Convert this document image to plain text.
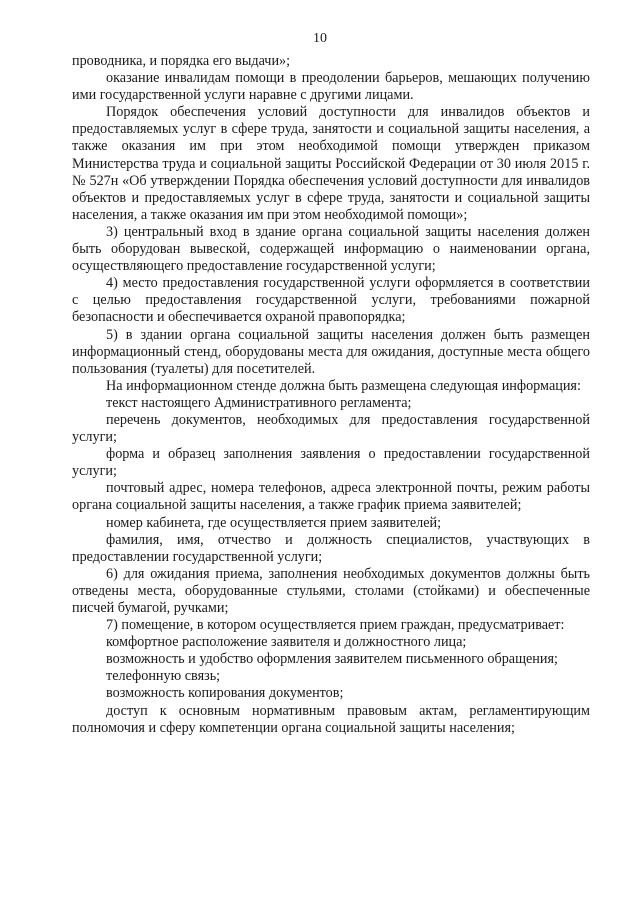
10

проводника, и порядка его выдачи»;

оказание инвалидам помощи в преодолении барьеров, мешающих получению ими государственной услуги наравне с другими лицами.

Порядок обеспечения условий доступности для инвалидов объектов и предоставляемых услуг в сфере труда, занятости и социальной защиты населения, а также оказания им при этом необходимой помощи утвержден приказом Министерства труда и социальной защиты Российской Федерации от 30 июля 2015 г. № 527н «Об утверждении Порядка обеспечения условий доступности для инвалидов объектов и предоставляемых услуг в сфере труда, занятости и социальной защиты населения, а также оказания им при этом необходимой помощи»;

3) центральный вход в здание органа социальной защиты населения должен быть оборудован вывеской, содержащей информацию о наименовании органа, осуществляющего предоставление государственной услуги;

4) место предоставления государственной услуги оформляется в соответствии с целью предоставления государственной услуги, требованиями пожарной безопасности и обеспечивается охраной правопорядка;

5) в здании органа социальной защиты населения должен быть размещен информационный стенд, оборудованы места для ожидания, доступные места общего пользования (туалеты) для посетителей.

На информационном стенде должна быть размещена следующая информация:

текст настоящего Административного регламента;

перечень документов, необходимых для предоставления государственной услуги;

форма и образец заполнения заявления о предоставлении государственной услуги;

почтовый адрес, номера телефонов, адреса электронной почты, режим работы органа социальной защиты населения, а также график приема заявителей;

номер кабинета, где осуществляется прием заявителей;

фамилия, имя, отчество и должность специалистов, участвующих в предоставлении государственной услуги;

6) для ожидания приема, заполнения необходимых документов должны быть отведены места, оборудованные стульями, столами (стойками) и обеспеченные писчей бумагой, ручками;

7) помещение, в котором осуществляется прием граждан, предусматривает:

комфортное расположение заявителя и должностного лица;

возможность и удобство оформления заявителем письменного обращения;

телефонную связь;

возможность копирования документов;

доступ к основным нормативным правовым актам, регламентирующим полномочия и сферу компетенции органа социальной защиты населения;
